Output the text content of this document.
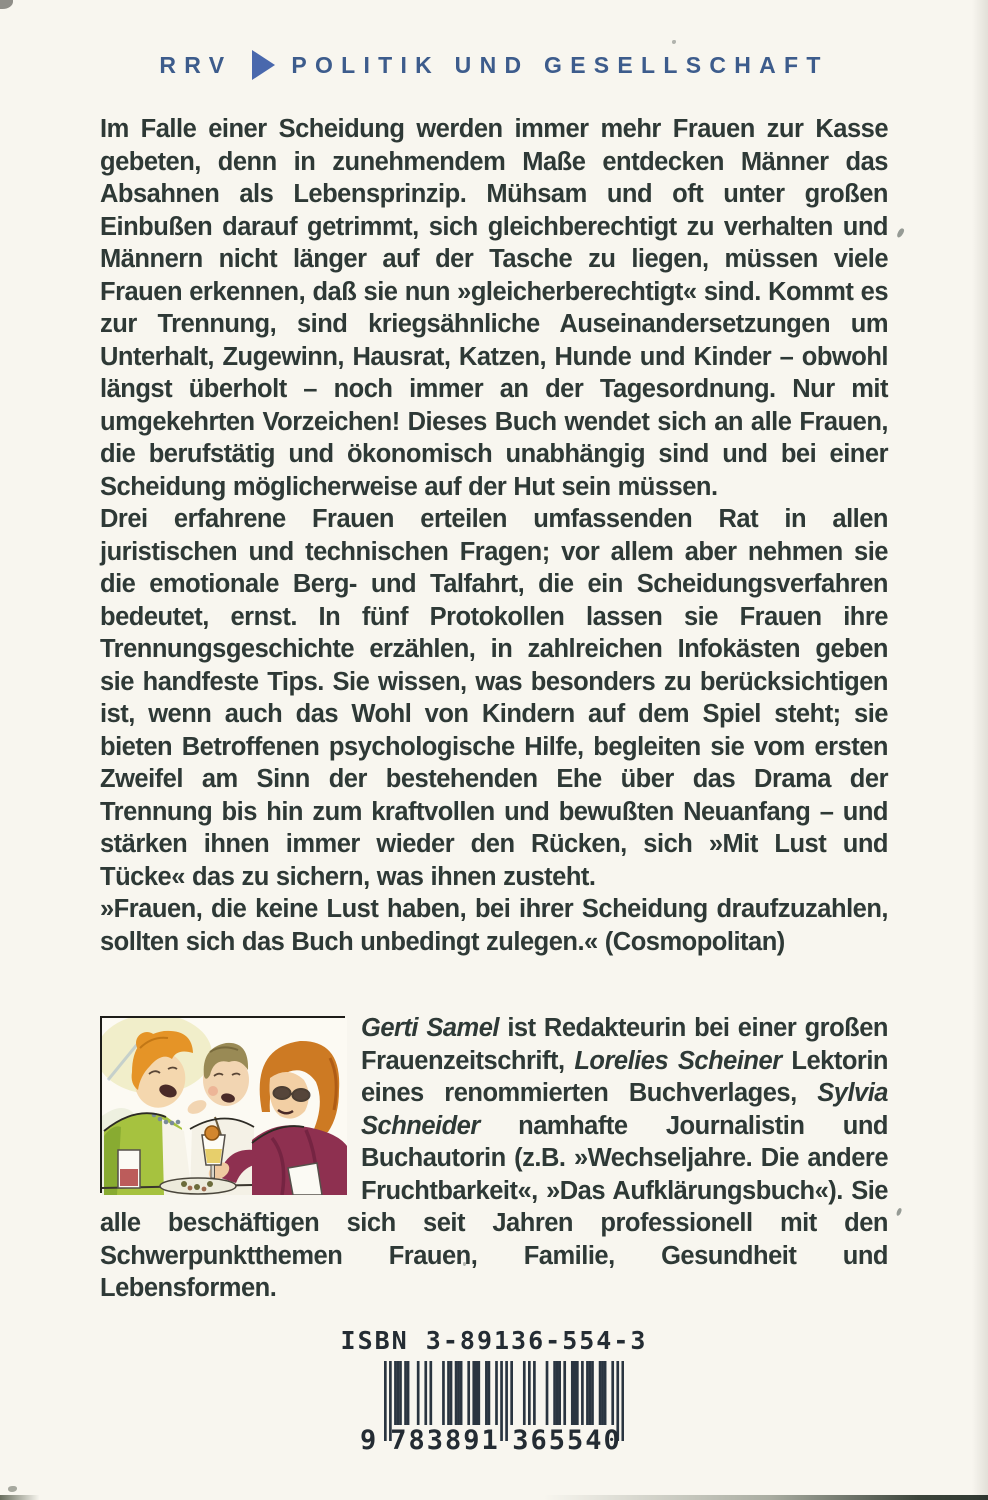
RRV	POLITIK UND GESELLSCHAFT

Im Falle einer Scheidung werden immer mehr Frauen zur Kasse gebeten, denn in zunehmendem Maße entdecken Männer das Absahnen als Lebensprinzip. Mühsam und oft unter großen Einbußen darauf getrimmt, sich gleichberechtigt zu verhalten und Männern nicht länger auf der Tasche zu liegen, müssen viele Frauen erkennen, daß sie nun »gleicherberechtigt« sind. Kommt es zur Trennung, sind kriegsähnliche Auseinandersetzungen um Unterhalt, Zugewinn, Hausrat, Katzen, Hunde und Kinder – obwohl längst überholt – noch immer an der Tagesordnung. Nur mit umgekehrten Vorzeichen! Dieses Buch wendet sich an alle Frauen, die berufstätig und ökonomisch unabhängig sind und bei einer Scheidung möglicherweise auf der Hut sein müssen.

Drei erfahrene Frauen erteilen umfassenden Rat in allen juristischen und technischen Fragen; vor allem aber nehmen sie die emotionale Berg- und Talfahrt, die ein Scheidungsverfahren bedeutet, ernst. In fünf Protokollen lassen sie Frauen ihre Trennungsgeschichte erzählen, in zahlreichen Infokästen geben sie handfeste Tips. Sie wissen, was besonders zu berücksichtigen ist, wenn auch das Wohl von Kindern auf dem Spiel steht; sie bieten Betroffenen psychologische Hilfe, begleiten sie vom ersten Zweifel am Sinn der bestehenden Ehe über das Drama der Trennung bis hin zum kraftvollen und bewußten Neuanfang – und stärken ihnen immer wieder den Rücken, sich »Mit Lust und Tücke« das zu sichern, was ihnen zusteht.

»Frauen, die keine Lust haben, bei ihrer Scheidung draufzuzahlen, sollten sich das Buch unbedingt zulegen.« (Cosmopolitan)

Gerti Samel ist Redakteurin bei einer großen Frauenzeitschrift, Lorelies Scheiner Lektorin eines renommierten Buchverlages, Sylvia Schneider namhafte Journalistin und Buchautorin (z.B. »Wechseljahre. Die andere Fruchtbarkeit«, »Das Aufklärungsbuch«). Sie alle beschäftigen sich seit Jahren professionell mit den Schwerpunktthemen Frauen, Familie, Gesundheit und Lebensformen.

ISBN 3-89136-554-3
9 783891 365540
